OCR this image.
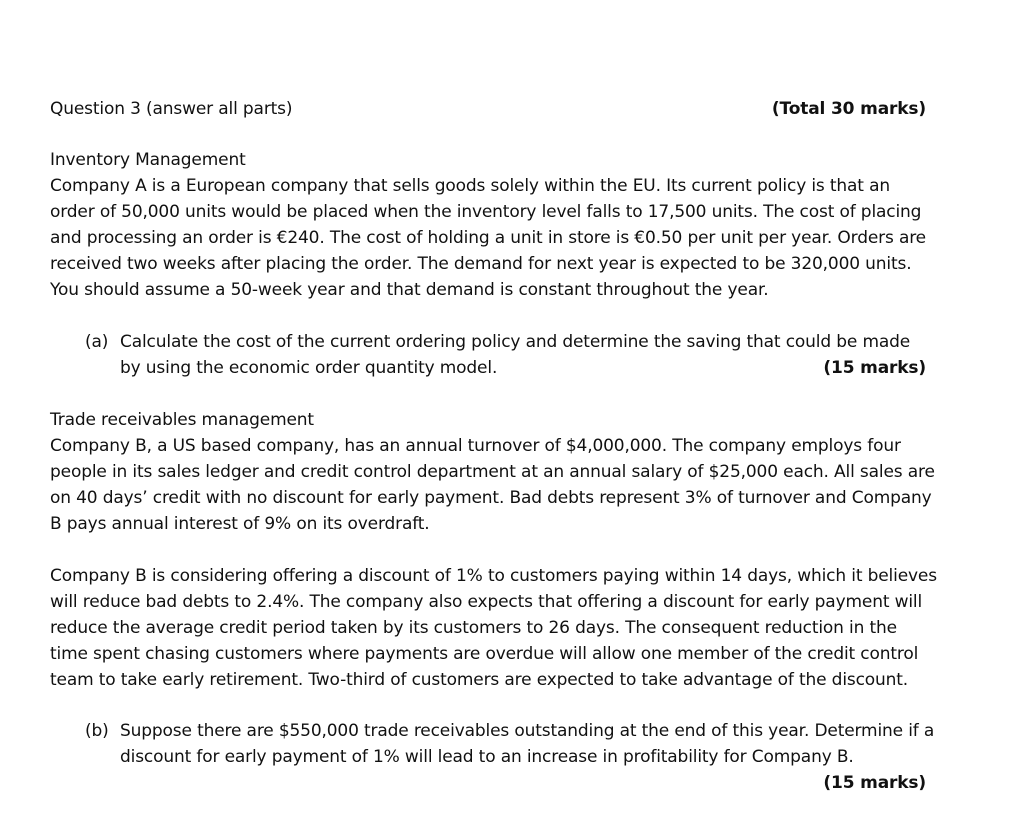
Question 3 (answer all parts)	(Total 30 marks)
Inventory Management
Company A is a European company that sells goods solely within the EU. Its current policy is that an
order of 50,000 units would be placed when the inventory level falls to 17,500 units. The cost of placing
and processing an order is €240. The cost of holding a unit in store is €0.50 per unit per year. Orders are
received two weeks after placing the order. The demand for next year is expected to be 320,000 units.
You should assume a 50-week year and that demand is constant throughout the year.
(a) Calculate the cost of the current ordering policy and determine the saving that could be made
by using the economic order quantity model.	(15 marks)
Trade receivables management
Company B, a US based company, has an annual turnover of $4,000,000. The company employs four
people in its sales ledger and credit control department at an annual salary of $25,000 each. All sales are
on 40 days’ credit with no discount for early payment. Bad debts represent 3% of turnover and Company
B pays annual interest of 9% on its overdraft.
Company B is considering offering a discount of 1% to customers paying within 14 days, which it believes
will reduce bad debts to 2.4%. The company also expects that offering a discount for early payment will
reduce the average credit period taken by its customers to 26 days. The consequent reduction in the
time spent chasing customers where payments are overdue will allow one member of the credit control
team to take early retirement. Two-third of customers are expected to take advantage of the discount.
(b) Suppose there are $550,000 trade receivables outstanding at the end of this year. Determine if a
discount for early payment of 1% will lead to an increase in profitability for Company B.
(15 marks)
